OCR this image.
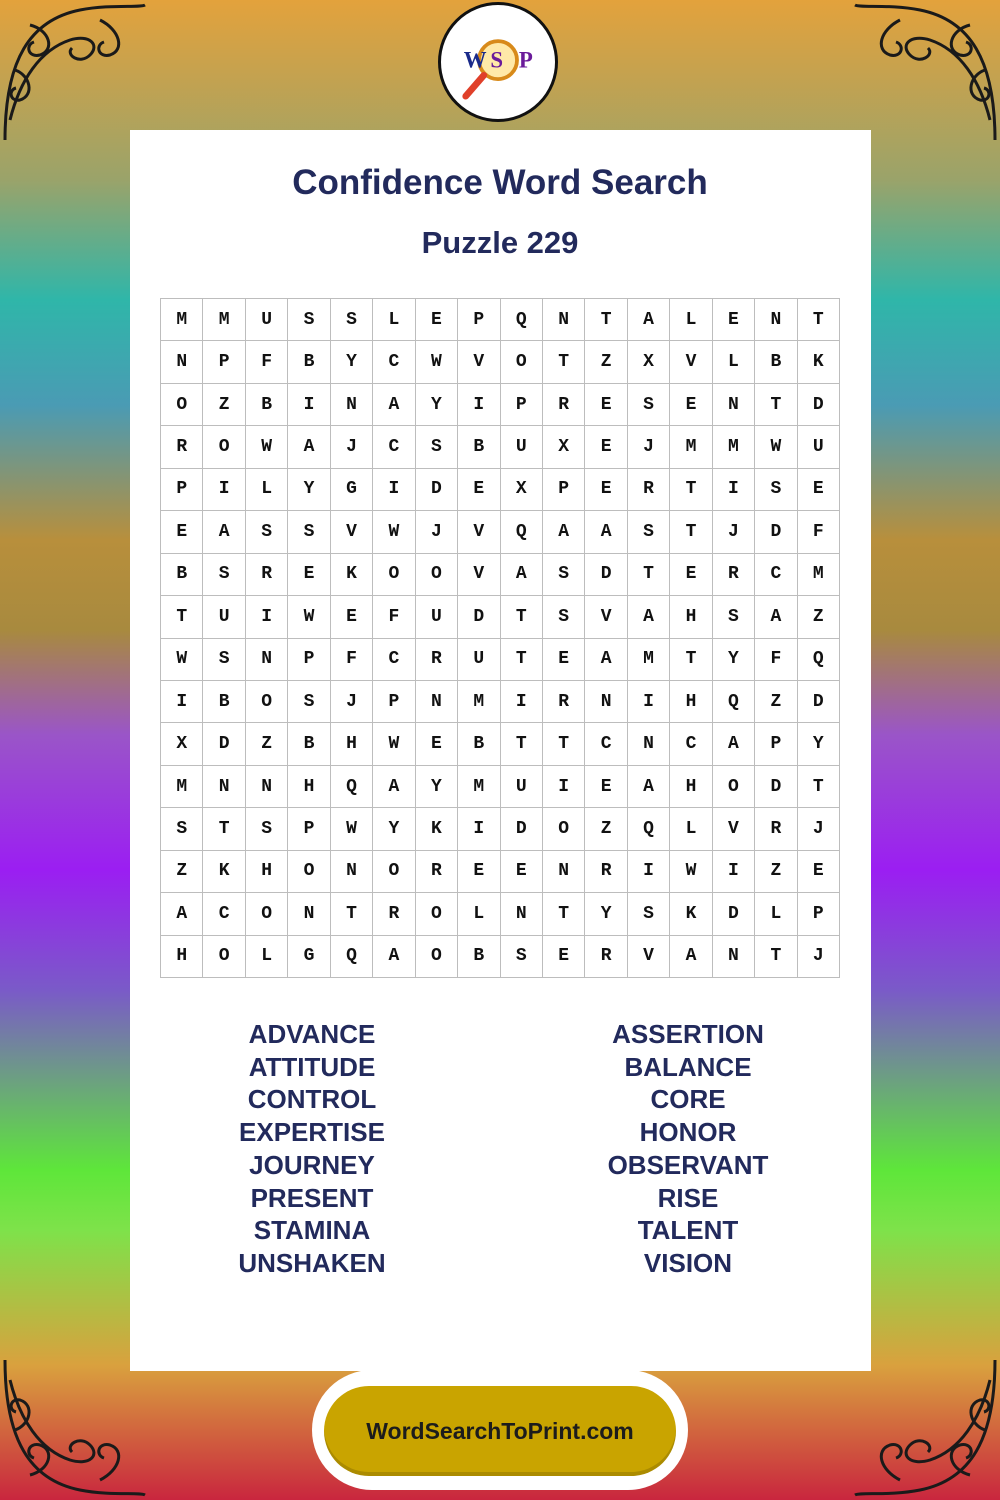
W S P
Confidence Word Search
Puzzle 229
M	M	U	S	S	L	E	P	Q	N	T	A	L	E	N	T
N	P	F	B	Y	C	W	V	O	T	Z	X	V	L	B	K
O	Z	B	I	N	A	Y	I	P	R	E	S	E	N	T	D
R	O	W	A	J	C	S	B	U	X	E	J	M	M	W	U
P	I	L	Y	G	I	D	E	X	P	E	R	T	I	S	E
E	A	S	S	V	W	J	V	Q	A	A	S	T	J	D	F
B	S	R	E	K	O	O	V	A	S	D	T	E	R	C	M
T	U	I	W	E	F	U	D	T	S	V	A	H	S	A	Z
W	S	N	P	F	C	R	U	T	E	A	M	T	Y	F	Q
I	B	O	S	J	P	N	M	I	R	N	I	H	Q	Z	D
X	D	Z	B	H	W	E	B	T	T	C	N	C	A	P	Y
M	N	N	H	Q	A	Y	M	U	I	E	A	H	O	D	T
S	T	S	P	W	Y	K	I	D	O	Z	Q	L	V	R	J
Z	K	H	O	N	O	R	E	E	N	R	I	W	I	Z	E
A	C	O	N	T	R	O	L	N	T	Y	S	K	D	L	P
H	O	L	G	Q	A	O	B	S	E	R	V	A	N	T	J
ADVANCE
ATTITUDE
CONTROL
EXPERTISE
JOURNEY
PRESENT
STAMINA
UNSHAKEN
ASSERTION
BALANCE
CORE
HONOR
OBSERVANT
RISE
TALENT
VISION
WordSearchToPrint.com
